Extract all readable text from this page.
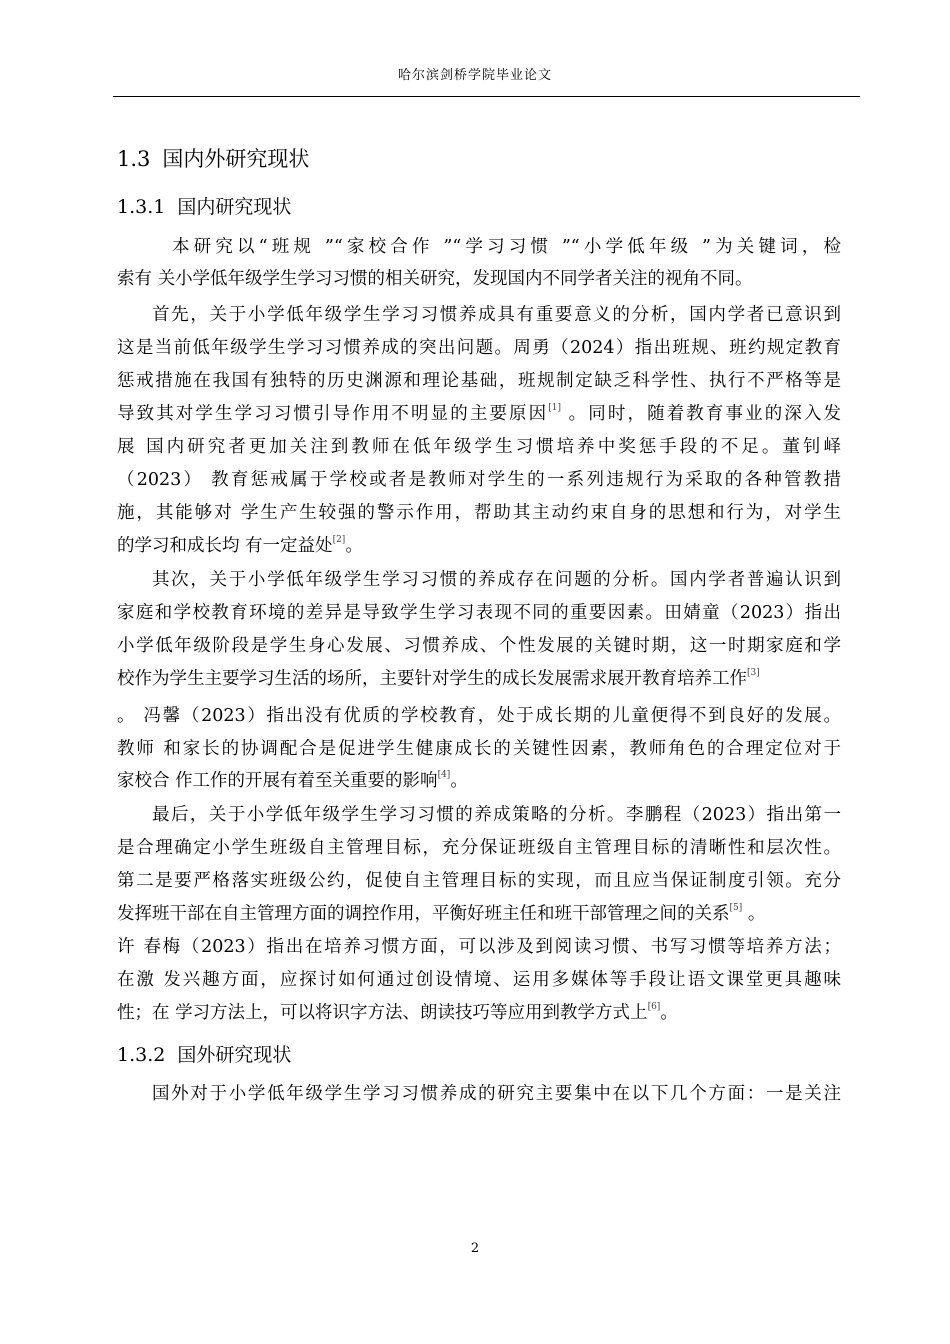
哈尔滨剑桥学院毕业论文
1.3 国内外研究现状
1.3.1 国内研究现状
本研究以“班规 ”“家校合作 ”“学习习惯 ”“小学低年级 ”为关键词，检
索有 关小学低年级学生学习习惯的相关研究，发现国内不同学者关注的视角不同。
首先，关于小学低年级学生学习习惯养成具有重要意义的分析，国内学者已意识到
这是当前低年级学生学习习惯养成的突出问题。周勇（2024）指出班规、班约规定教育
惩戒措施在我国有独特的历史渊源和理论基础，班规制定缺乏科学性、执行不严格等是
导致其对学生学习习惯引导作用不明显的主要原因[1] 。同时，随着教育事业的深入发
展 国内研究者更加关注到教师在低年级学生习惯培养中奖惩手段的不足。董钊峄
（2023） 教育惩戒属于学校或者是教师对学生的一系列违规行为采取的各种管教措
施，其能够对 学生产生较强的警示作用，帮助其主动约束自身的思想和行为，对学生
的学习和成长均 有一定益处[2]。
其次，关于小学低年级学生学习习惯的养成存在问题的分析。国内学者普遍认识到
家庭和学校教育环境的差异是导致学生学习表现不同的重要因素。田婧童（2023）指出
小学低年级阶段是学生身心发展、习惯养成、个性发展的关键时期，这一时期家庭和学
校作为学生主要学习生活的场所，主要针对学生的成长发展需求展开教育培养工作[3]
。 冯馨（2023）指出没有优质的学校教育，处于成长期的儿童便得不到良好的发展。
教师 和家长的协调配合是促进学生健康成长的关键性因素，教师角色的合理定位对于
家校合 作工作的开展有着至关重要的影响[4]。
最后，关于小学低年级学生学习习惯的养成策略的分析。李鹏程（2023）指出第一
是合理确定小学生班级自主管理目标，充分保证班级自主管理目标的清晰性和层次性。
第二是要严格落实班级公约，促使自主管理目标的实现，而且应当保证制度引领。充分
发挥班干部在自主管理方面的调控作用，平衡好班主任和班干部管理之间的关系[5] 。
许 春梅（2023）指出在培养习惯方面，可以涉及到阅读习惯、书写习惯等培养方法；
在激 发兴趣方面，应探讨如何通过创设情境、运用多媒体等手段让语文课堂更具趣味
性；在 学习方法上，可以将识字方法、朗读技巧等应用到教学方式上[6]。
1.3.2 国外研究现状
国外对于小学低年级学生学习习惯养成的研究主要集中在以下几个方面：一是关注
2
